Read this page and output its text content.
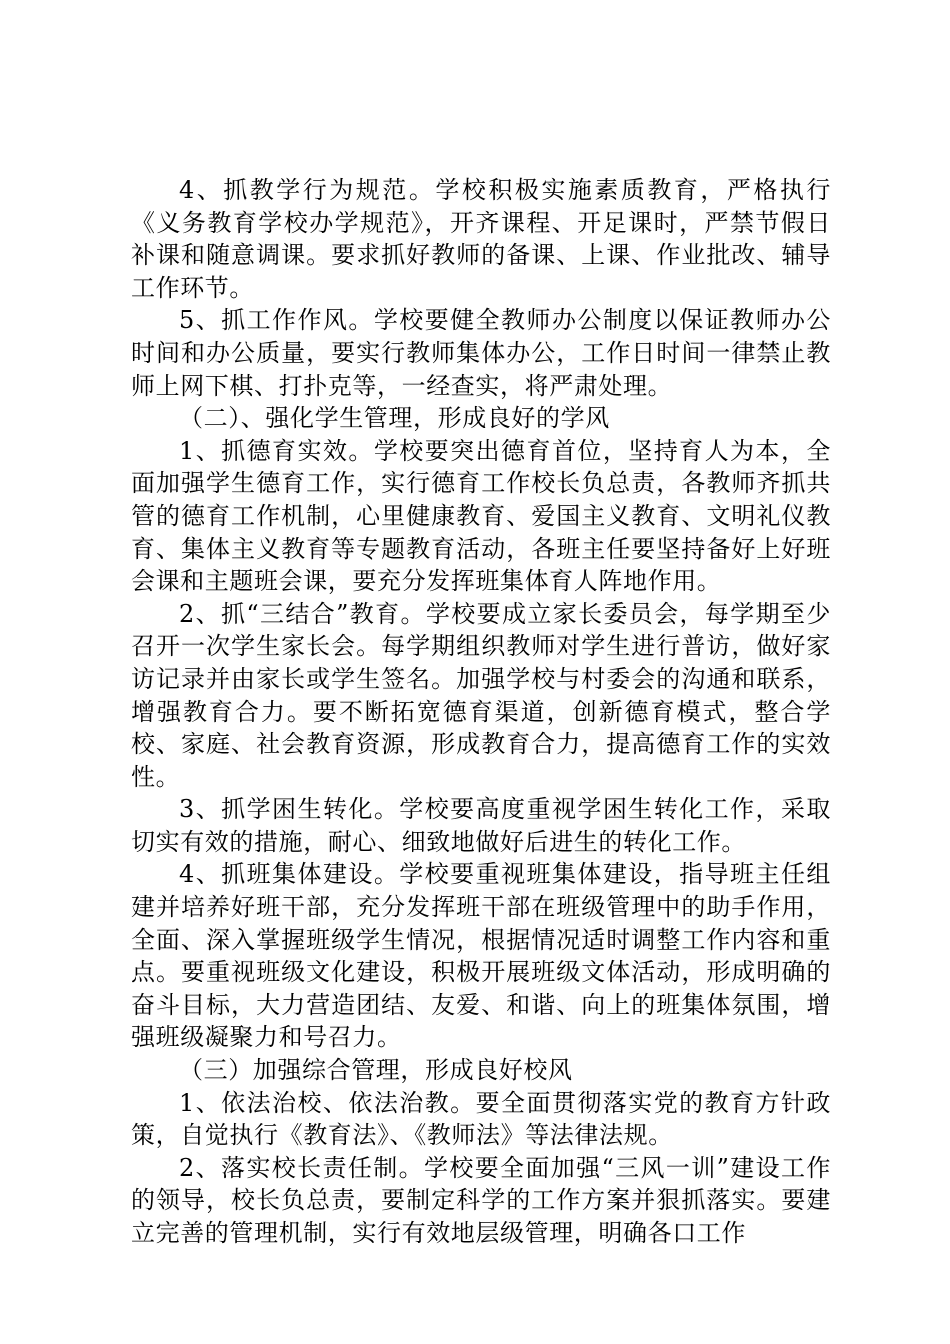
4、抓教学行为规范。学校积极实施素质教育，严格执行《义务教育学校办学规范》，开齐课程、开足课时，严禁节假日补课和随意调课。要求抓好教师的备课、上课、作业批改、辅导工作环节。

5、抓工作作风。学校要健全教师办公制度以保证教师办公时间和办公质量，要实行教师集体办公，工作日时间一律禁止教师上网下棋、打扑克等，一经查实，将严肃处理。

（二）、强化学生管理，形成良好的学风

1、抓德育实效。学校要突出德育首位，坚持育人为本，全面加强学生德育工作，实行德育工作校长负总责，各教师齐抓共管的德育工作机制，心里健康教育、爱国主义教育、文明礼仪教育、集体主义教育等专题教育活动，各班主任要坚持备好上好班会课和主题班会课，要充分发挥班集体育人阵地作用。

2、抓“三结合”教育。学校要成立家长委员会，每学期至少召开一次学生家长会。每学期组织教师对学生进行普访，做好家访记录并由家长或学生签名。加强学校与村委会的沟通和联系，增强教育合力。要不断拓宽德育渠道，创新德育模式，整合学校、家庭、社会教育资源，形成教育合力，提高德育工作的实效性。

3、抓学困生转化。学校要高度重视学困生转化工作，采取切实有效的措施，耐心、细致地做好后进生的转化工作。

4、抓班集体建设。学校要重视班集体建设，指导班主任组建并培养好班干部，充分发挥班干部在班级管理中的助手作用，全面、深入掌握班级学生情况，根据情况适时调整工作内容和重点。要重视班级文化建设，积极开展班级文体活动，形成明确的奋斗目标，大力营造团结、友爱、和谐、向上的班集体氛围，增强班级凝聚力和号召力。

（三）加强综合管理，形成良好校风

1、依法治校、依法治教。要全面贯彻落实党的教育方针政策，自觉执行《教育法》、《教师法》等法律法规。

2、落实校长责任制。学校要全面加强“三风一训”建设工作的领导，校长负总责，要制定科学的工作方案并狠抓落实。要建立完善的管理机制，实行有效地层级管理，明确各口工作
